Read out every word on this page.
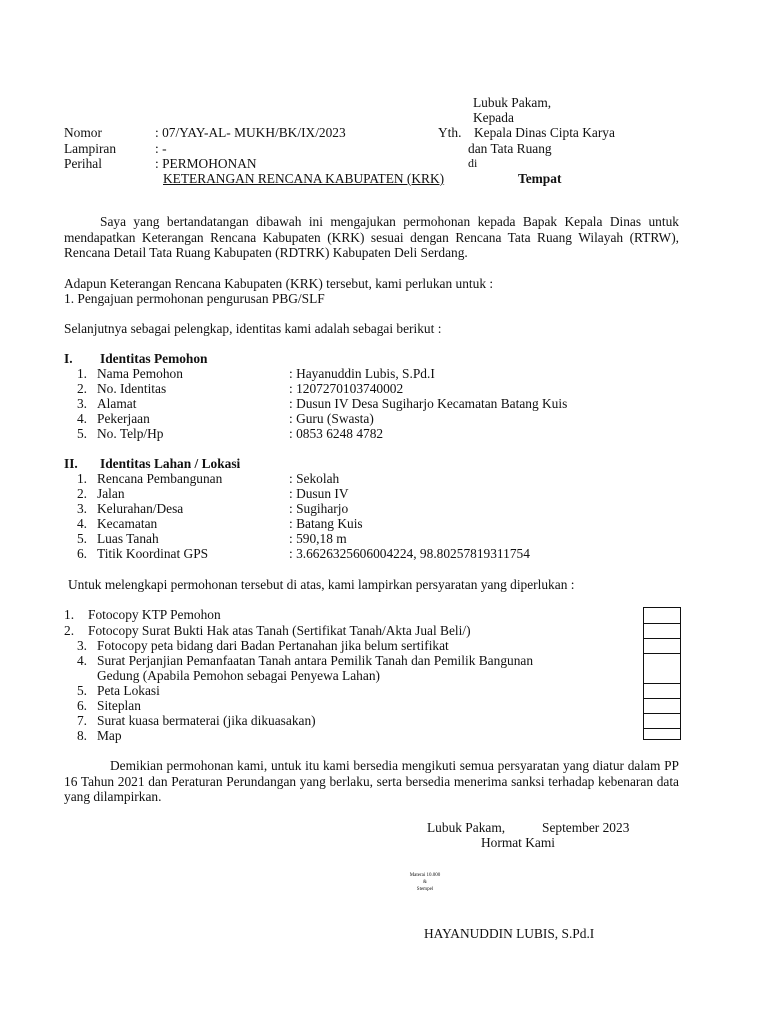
Lubuk Pakam,
Kepada
Nomor	: 07/YAY-AL- MUKH/BK/IX/2023	Yth. Kepala Dinas Cipta Karya
Lampiran	: -	dan Tata Ruang
Perihal	: PERMOHONAN	di
KETERANGAN RENCANA KABUPATEN (KRK)	Tempat
Saya yang bertandatangan dibawah ini mengajukan permohonan kepada Bapak Kepala Dinas untuk mendapatkan Keterangan Rencana Kabupaten (KRK) sesuai dengan Rencana Tata Ruang Wilayah (RTRW), Rencana Detail Tata Ruang Kabupaten (RDTRK) Kabupaten Deli Serdang.
Adapun Keterangan Rencana Kabupaten (KRK) tersebut, kami perlukan untuk :
1. Pengajuan permohonan pengurusan PBG/SLF
Selanjutnya sebagai pelengkap, identitas kami adalah sebagai berikut :
I. Identitas Pemohon
1. Nama Pemohon	: Hayanuddin Lubis, S.Pd.I
2. No. Identitas	: 1207270103740002
3. Alamat	: Dusun IV Desa Sugiharjo Kecamatan Batang Kuis
4. Pekerjaan	: Guru (Swasta)
5. No. Telp/Hp	: 0853 6248 4782
II. Identitas Lahan / Lokasi
1. Rencana Pembangunan	: Sekolah
2. Jalan	: Dusun IV
3. Kelurahan/Desa	: Sugiharjo
4. Kecamatan	: Batang Kuis
5. Luas Tanah	: 590,18 m
6. Titik Koordinat GPS	: 3.6626325606004224, 98.80257819311754
Untuk melengkapi permohonan tersebut di atas, kami lampirkan persyaratan yang diperlukan :
1. Fotocopy KTP Pemohon
2. Fotocopy Surat Bukti Hak atas Tanah (Sertifikat Tanah/Akta Jual Beli/)
3. Fotocopy peta bidang dari Badan Pertanahan jika belum sertifikat
4. Surat Perjanjian Pemanfaatan Tanah antara Pemilik Tanah dan Pemilik Bangunan
Gedung (Apabila Pemohon sebagai Penyewa Lahan)
5. Peta Lokasi
6. Siteplan
7. Surat kuasa bermaterai (jika dikuasakan)
8. Map
Demikian permohonan kami, untuk itu kami bersedia mengikuti semua persyaratan yang diatur dalam PP 16 Tahun 2021 dan Peraturan Perundangan yang berlaku, serta bersedia menerima sanksi terhadap kebenaran data yang dilampirkan.
Lubuk Pakam,	September 2023
Hormat Kami
Materai 10.000
&
Stempel
HAYANUDDIN LUBIS, S.Pd.I
